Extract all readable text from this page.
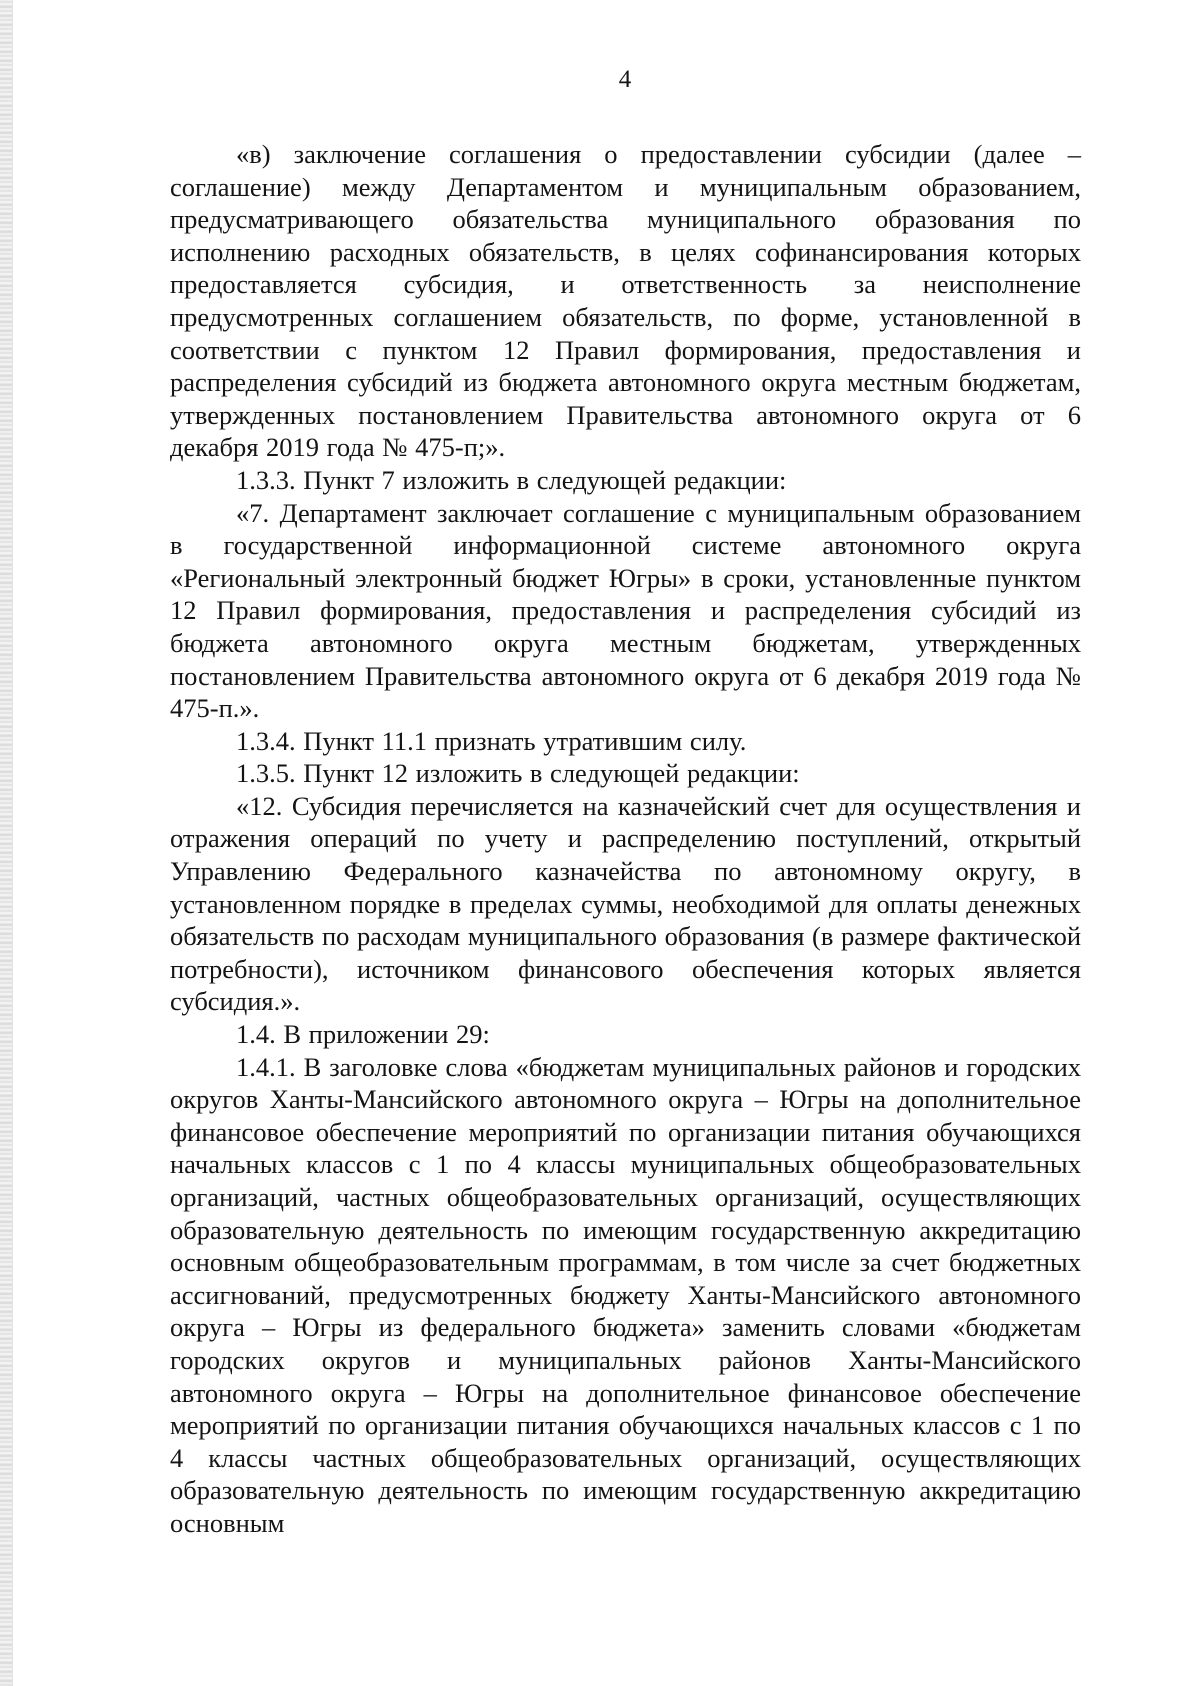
4

«в) заключение соглашения о предоставлении субсидии (далее – соглашение) между Департаментом и муниципальным образованием, предусматривающего обязательства муниципального образования по исполнению расходных обязательств, в целях софинансирования которых предоставляется субсидия, и ответственность за неисполнение предусмотренных соглашением обязательств, по форме, установленной в соответствии с пунктом 12 Правил формирования, предоставления и распределения субсидий из бюджета автономного округа местным бюджетам, утвержденных постановлением Правительства автономного округа от 6 декабря 2019 года № 475-п;».

1.3.3. Пункт 7 изложить в следующей редакции:

«7. Департамент заключает соглашение с муниципальным образованием в государственной информационной системе автономного округа «Региональный электронный бюджет Югры» в сроки, установленные пунктом 12 Правил формирования, предоставления и распределения субсидий из бюджета автономного округа местным бюджетам, утвержденных постановлением Правительства автономного округа от 6 декабря 2019 года № 475-п.».

1.3.4. Пункт 11.1 признать утратившим силу.

1.3.5. Пункт 12 изложить в следующей редакции:

«12. Субсидия перечисляется на казначейский счет для осуществления и отражения операций по учету и распределению поступлений, открытый Управлению Федерального казначейства по автономному округу, в установленном порядке в пределах суммы, необходимой для оплаты денежных обязательств по расходам муниципального образования (в размере фактической потребности), источником финансового обеспечения которых является субсидия.».

1.4. В приложении 29:

1.4.1. В заголовке слова «бюджетам муниципальных районов и городских округов Ханты-Мансийского автономного округа – Югры на дополнительное финансовое обеспечение мероприятий по организации питания обучающихся начальных классов с 1 по 4 классы муниципальных общеобразовательных организаций, частных общеобразовательных организаций, осуществляющих образовательную деятельность по имеющим государственную аккредитацию основным общеобразовательным программам, в том числе за счет бюджетных ассигнований, предусмотренных бюджету Ханты-Мансийского автономного округа – Югры из федерального бюджета» заменить словами «бюджетам городских округов и муниципальных районов Ханты-Мансийского автономного округа – Югры на дополнительное финансовое обеспечение мероприятий по организации питания обучающихся начальных классов с 1 по 4 классы частных общеобразовательных организаций, осуществляющих образовательную деятельность по имеющим государственную аккредитацию основным
